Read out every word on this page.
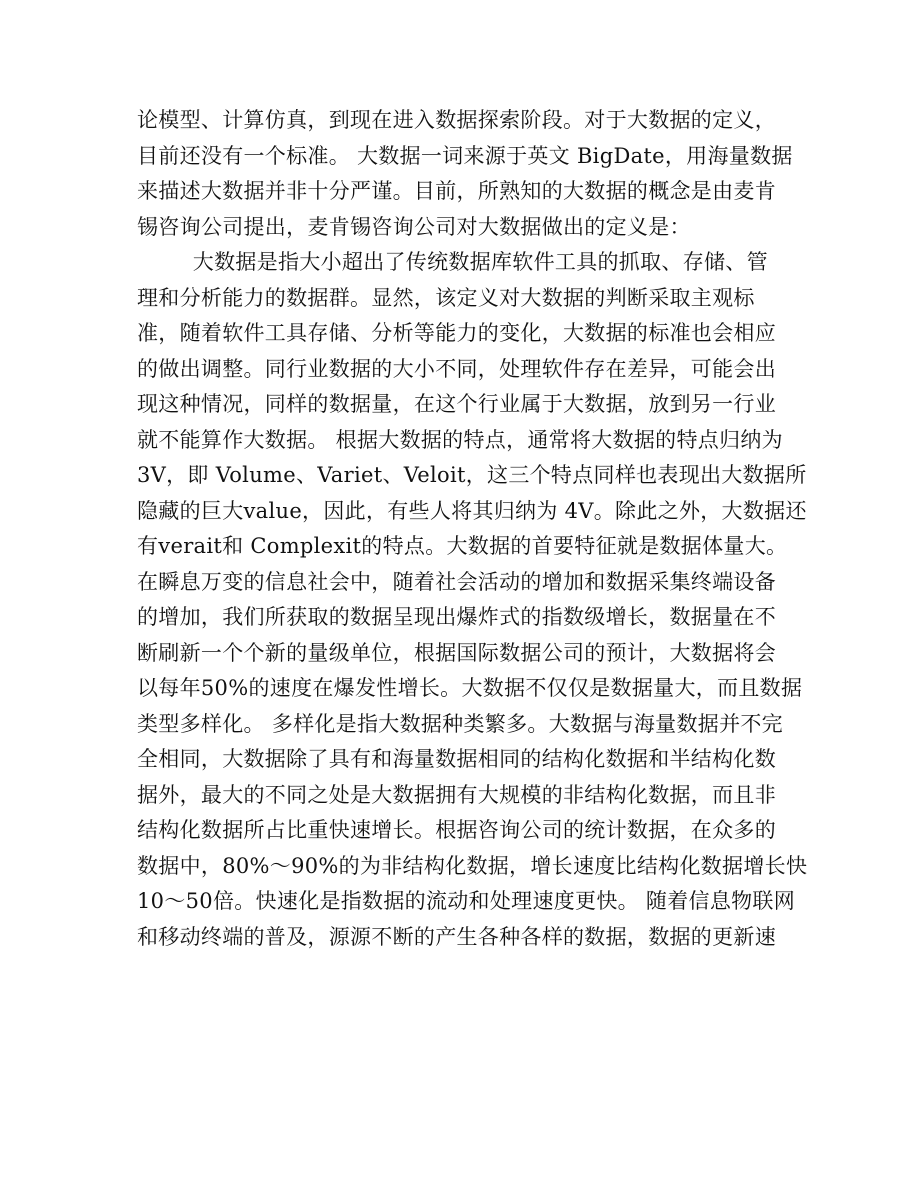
论模型、计算仿真，到现在进入数据探索阶段。对于大数据的定义，
目前还没有一个标准。 大数据一词来源于英文 BigDate，用海量数据
来描述大数据并非十分严谨。目前，所熟知的大数据的概念是由麦肯
锡咨询公司提出，麦肯锡咨询公司对大数据做出的定义是：
大数据是指大小超出了传统数据库软件工具的抓取、存储、管
理和分析能力的数据群。显然，该定义对大数据的判断采取主观标
准，随着软件工具存储、分析等能力的变化，大数据的标准也会相应
的做出调整。同行业数据的大小不同，处理软件存在差异，可能会出
现这种情况，同样的数据量，在这个行业属于大数据，放到另一行业
就不能算作大数据。 根据大数据的特点，通常将大数据的特点归纳为
3V，即 Volume、Variet、Veloit，这三个特点同样也表现出大数据所
隐藏的巨大value，因此，有些人将其归纳为 4V。除此之外，大数据还
有verait和 Complexit的特点。大数据的首要特征就是数据体量大。
在瞬息万变的信息社会中，随着社会活动的增加和数据采集终端设备
的增加，我们所获取的数据呈现出爆炸式的指数级增长，数据量在不
断刷新一个个新的量级单位，根据国际数据公司的预计，大数据将会
以每年50%的速度在爆发性增长。大数据不仅仅是数据量大，而且数据
类型多样化。 多样化是指大数据种类繁多。大数据与海量数据并不完
全相同，大数据除了具有和海量数据相同的结构化数据和半结构化数
据外，最大的不同之处是大数据拥有大规模的非结构化数据，而且非
结构化数据所占比重快速增长。根据咨询公司的统计数据，在众多的
数据中，80%～90%的为非结构化数据，增长速度比结构化数据增长快
10～50倍。快速化是指数据的流动和处理速度更快。 随着信息物联网
和移动终端的普及，源源不断的产生各种各样的数据，数据的更新速
